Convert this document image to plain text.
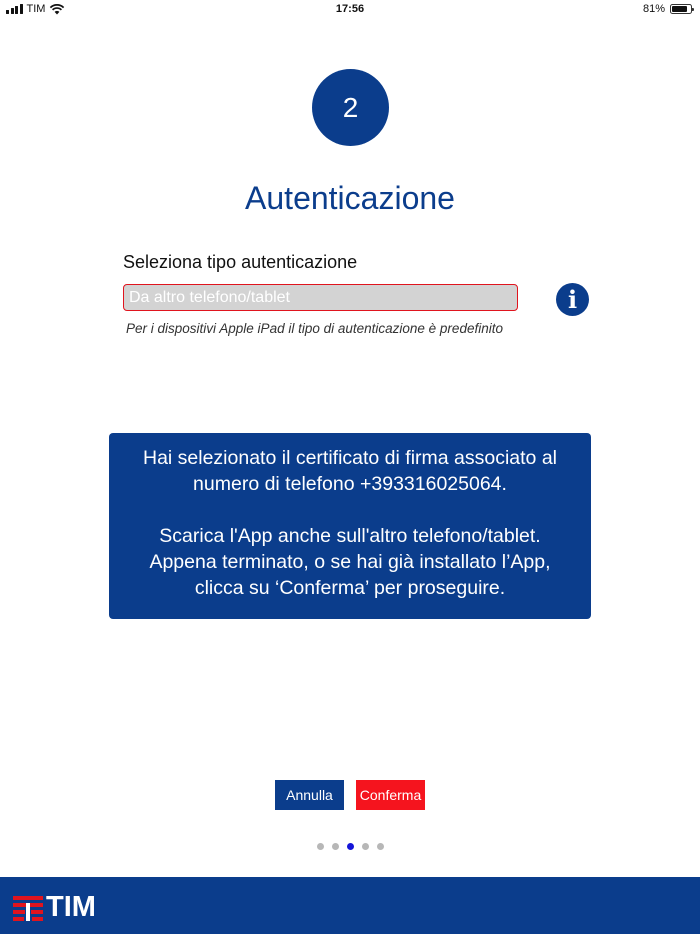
TIM	17:56	81%
2
Autenticazione
Seleziona tipo autenticazione
Da altro telefono/tablet	i
Per i dispositivi Apple iPad il tipo di autenticazione è predefinito

Hai selezionato il certificato di firma associato al

numero di telefono +393316025064.

Scarica l'App anche sull'altro telefono/tablet.

Appena terminato, o se hai già installato l’App,

clicca su ‘Conferma’ per proseguire.

Annulla	Conferma
TIM
